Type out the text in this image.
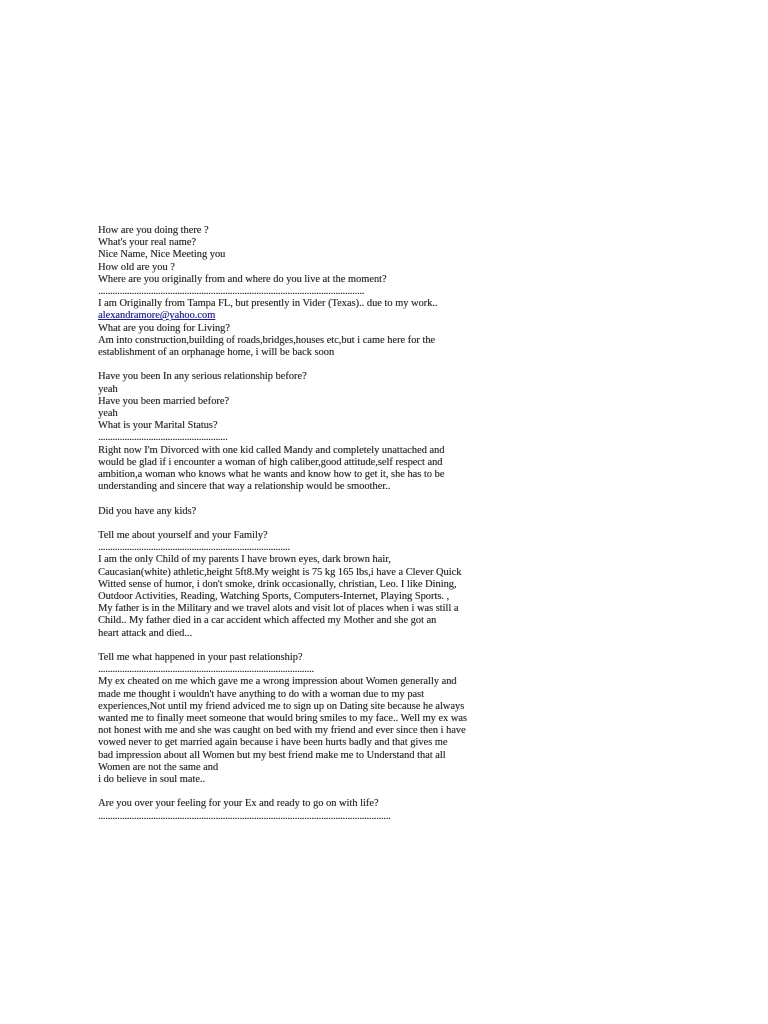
How are you doing there ?
What's your real name?
Nice Name, Nice Meeting you
How old are you ?
Where are you originally from and where do you live at the moment?
...............................................................................................................
I am Originally from Tampa FL, but presently in Vider (Texas).. due to my work..
alexandramore@yahoo.com
What are you doing for Living?
Am into construction,building of roads,bridges,houses etc,but i came here for the
establishment of an orphanage home, i will be back soon
Have you been In any serious relationship before?
yeah
Have you been married before?
yeah
What is your Marital Status?
......................................................
Right now I'm Divorced with one kid called Mandy and completely unattached and
would be glad if i encounter a woman of high caliber,good attitude,self respect and
ambition,a woman who knows what he wants and know how to get it, she has to be
understanding and sincere that way a relationship would be smoother..
Did you have any kids?
Tell me about yourself and your Family?
................................................................................
I am the only Child of my parents I have brown eyes, dark brown hair,
Caucasian(white) athletic,height 5ft8.My weight is 75 kg 165 lbs,i have a Clever Quick
Witted sense of humor, i don't smoke, drink occasionally, christian, Leo. I like Dining,
Outdoor Activities, Reading, Watching Sports, Computers-Internet, Playing Sports. ,
My father is in the Military and we travel alots and visit lot of places when i was still a
Child.. My father died in a car accident which affected my Mother and she got an
heart attack and died...
Tell me what happened in your past relationship?
..........................................................................................
My ex cheated on me which gave me a wrong impression about Women generally and
made me thought i wouldn't have anything to do with a woman due to my past
experiences,Not until my friend adviced me to sign up on Dating site because he always
wanted me to finally meet someone that would bring smiles to my face.. Well my ex was
not honest with me and she was caught on bed with my friend and ever since then i have
vowed never to get married again because i have been hurts badly and that gives me
bad impression about all Women but my best friend make me to Understand that all
Women are not the same and
i do believe in soul mate..
Are you over your feeling for your Ex and ready to go on with life?
..........................................................................................................................
